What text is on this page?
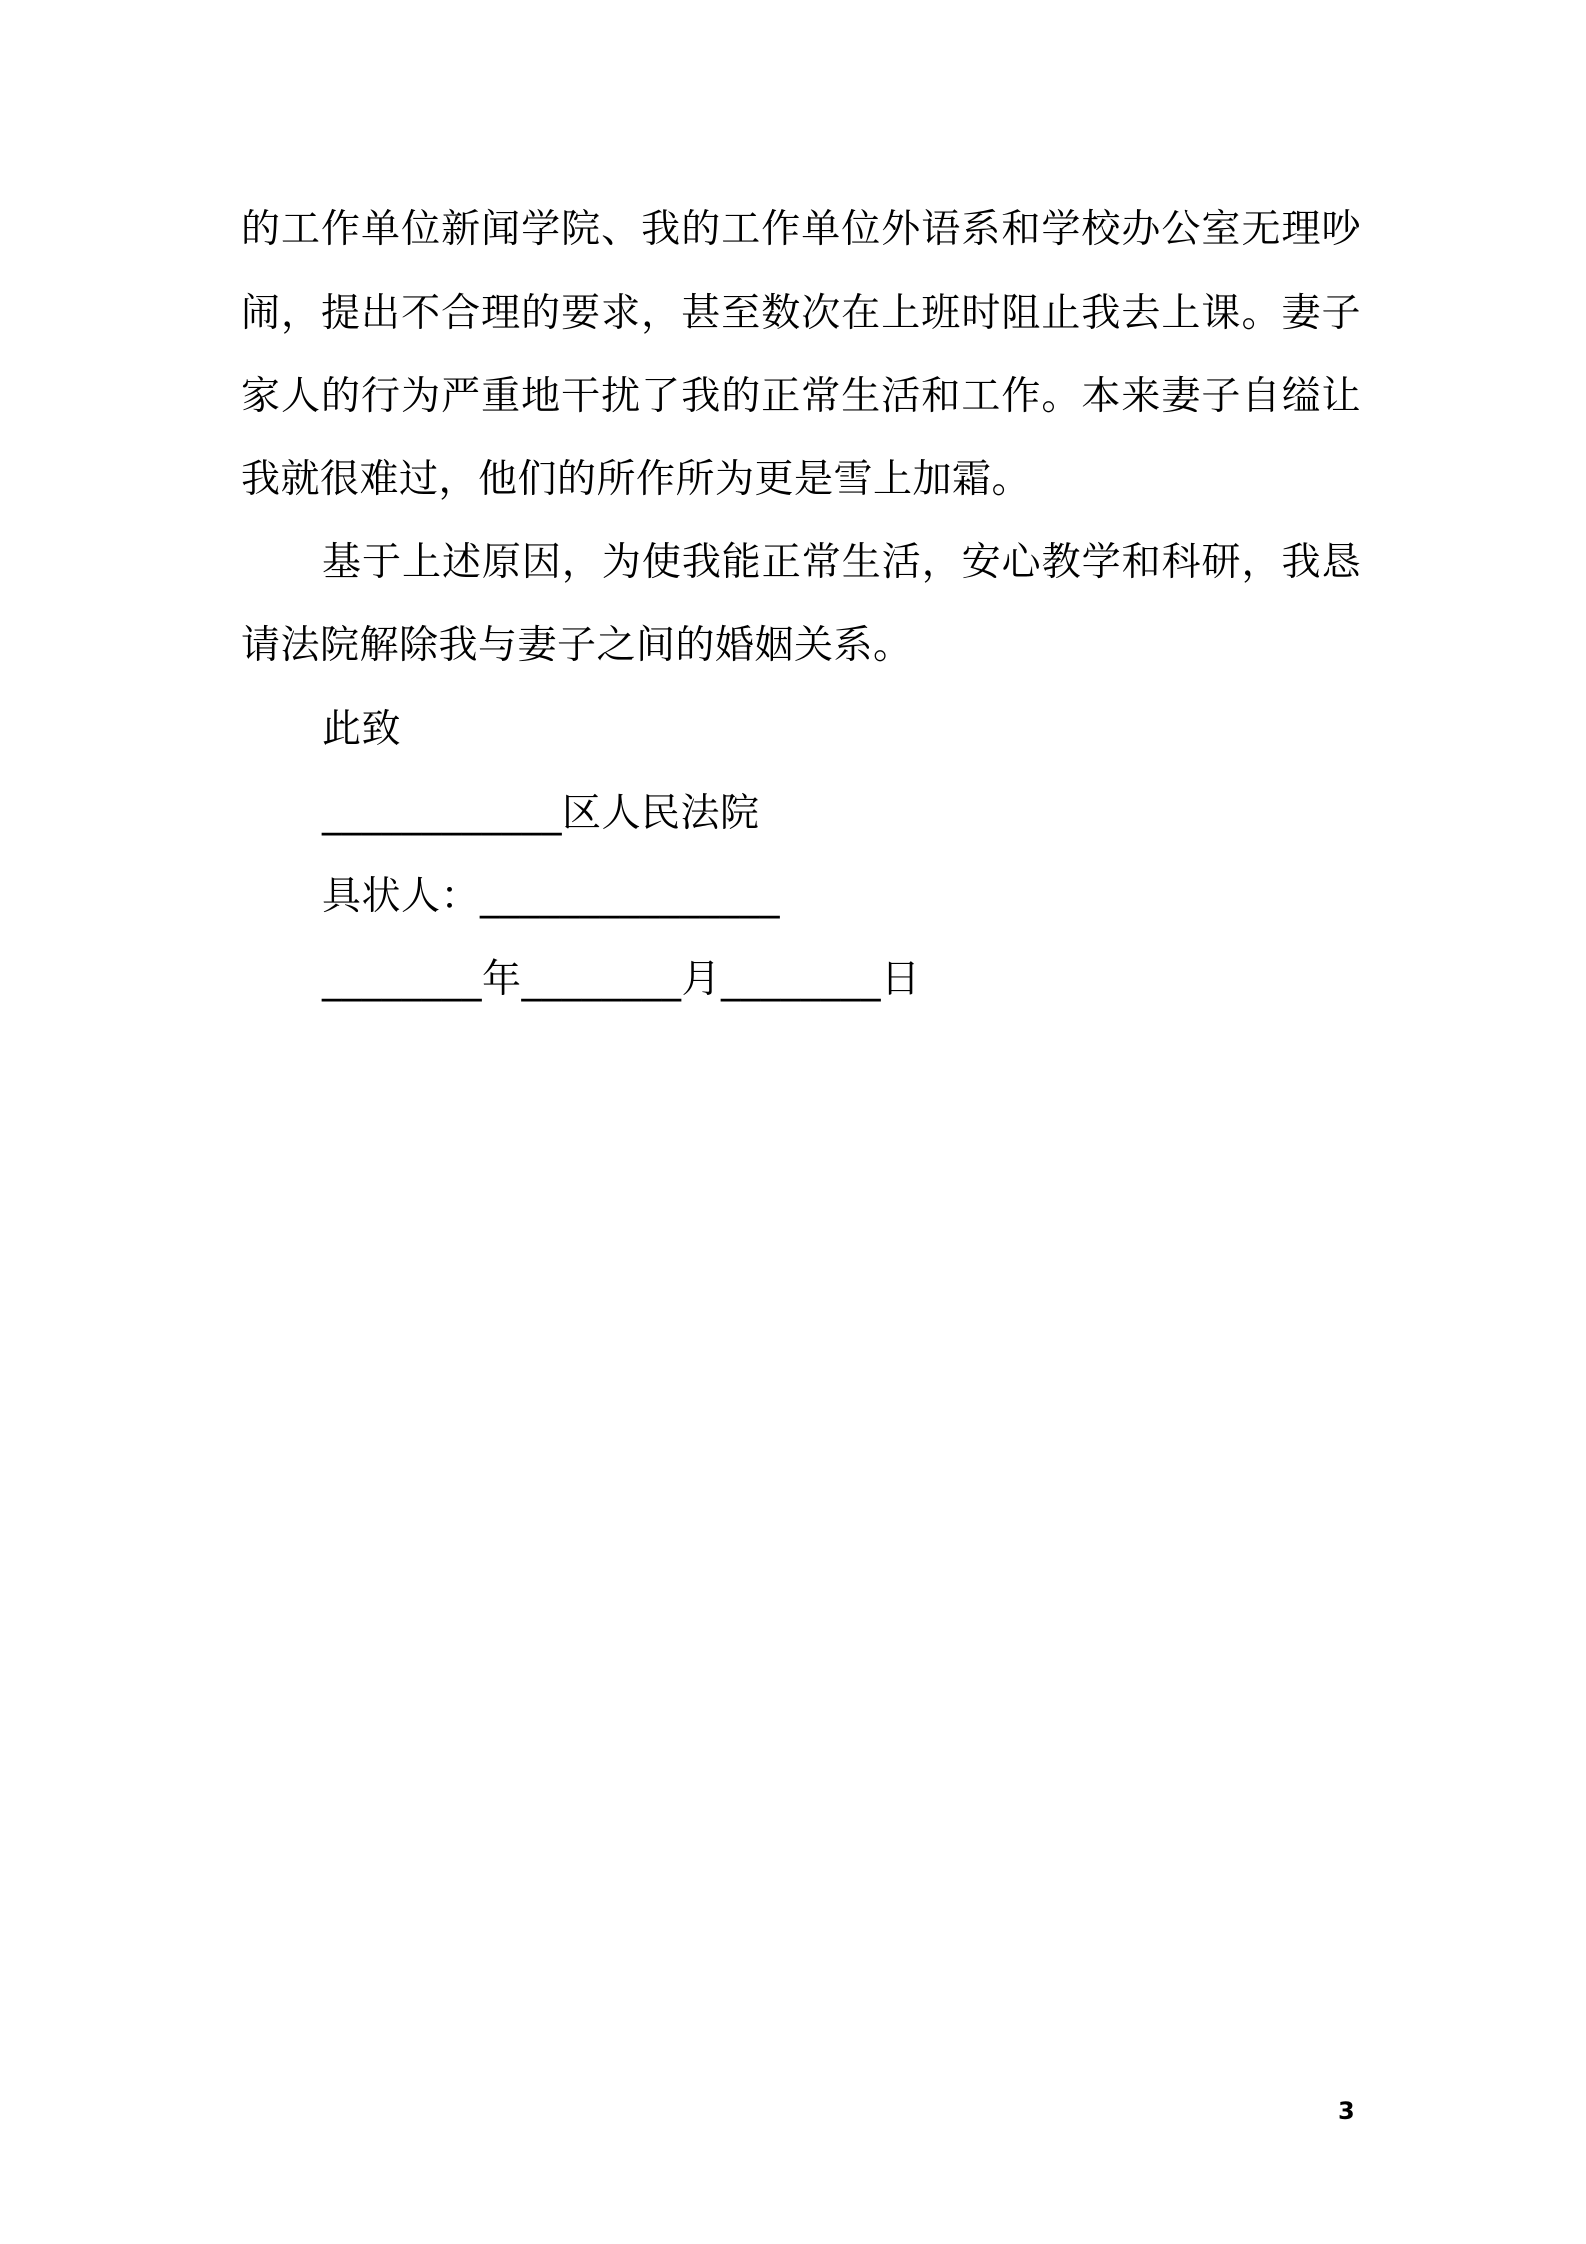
的工作单位新闻学院、我的工作单位外语系和学校办公室无理吵
闹，提出不合理的要求，甚至数次在上班时阻止我去上课。妻子
家人的行为严重地干扰了我的正常生活和工作。本来妻子自缢让
我就很难过，他们的所作所为更是雪上加霜。
基于上述原因，为使我能正常生活，安心教学和科研，我恳
请法院解除我与妻子之间的婚姻关系。
此致
____________区人民法院
具状人：_______________
________年________月________日
3
